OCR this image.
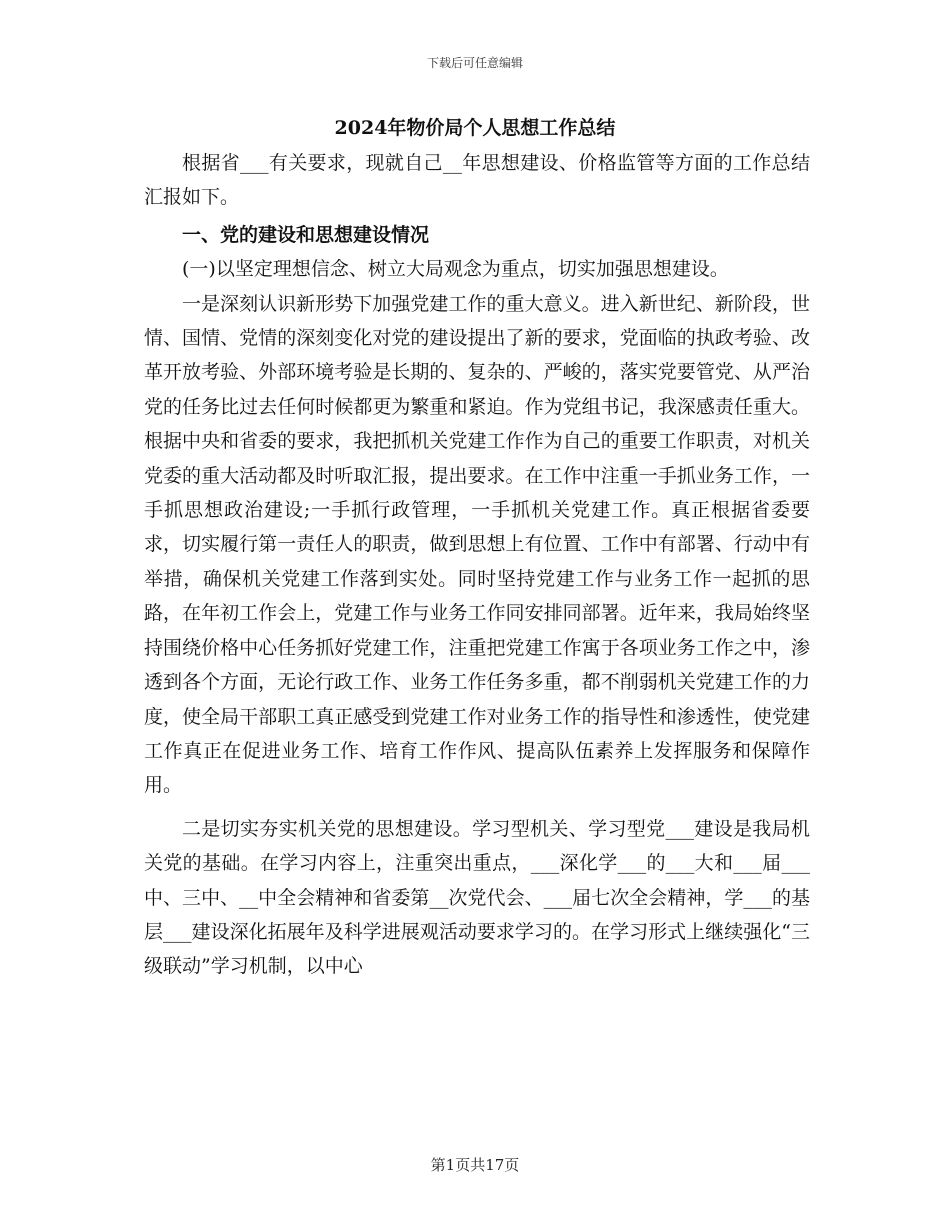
下载后可任意编辑
2024年物价局个人思想工作总结

根据省___有关要求，现就自己__年思想建设、价格监管等方面的工作总结汇报如下。

一、党的建设和思想建设情况

(一)以坚定理想信念、树立大局观念为重点，切实加强思想建设。

一是深刻认识新形势下加强党建工作的重大意义。进入新世纪、新阶段，世情、国情、党情的深刻变化对党的建设提出了新的要求，党面临的执政考验、改革开放考验、外部环境考验是长期的、复杂的、严峻的，落实党要管党、从严治党的任务比过去任何时候都更为繁重和紧迫。作为党组书记，我深感责任重大。根据中央和省委的要求，我把抓机关党建工作作为自己的重要工作职责，对机关党委的重大活动都及时听取汇报，提出要求。在工作中注重一手抓业务工作，一手抓思想政治建设;一手抓行政管理，一手抓机关党建工作。真正根据省委要求，切实履行第一责任人的职责，做到思想上有位置、工作中有部署、行动中有举措，确保机关党建工作落到实处。同时坚持党建工作与业务工作一起抓的思路，在年初工作会上，党建工作与业务工作同安排同部署。近年来，我局始终坚持围绕价格中心任务抓好党建工作，注重把党建工作寓于各项业务工作之中，渗透到各个方面，无论行政工作、业务工作任务多重，都不削弱机关党建工作的力度，使全局干部职工真正感受到党建工作对业务工作的指导性和渗透性，使党建工作真正在促进业务工作、培育工作作风、提高队伍素养上发挥服务和保障作用。

二是切实夯实机关党的思想建设。学习型机关、学习型党___建设是我局机关党的基础。在学习内容上，注重突出重点，___深化学___的___大和___届___中、三中、__中全会精神和省委第__次党代会、___届七次全会精神，学___的基层___建设深化拓展年及科学进展观活动要求学习的。在学习形式上继续强化“三级联动”学习机制，以中心

第1页共17页
